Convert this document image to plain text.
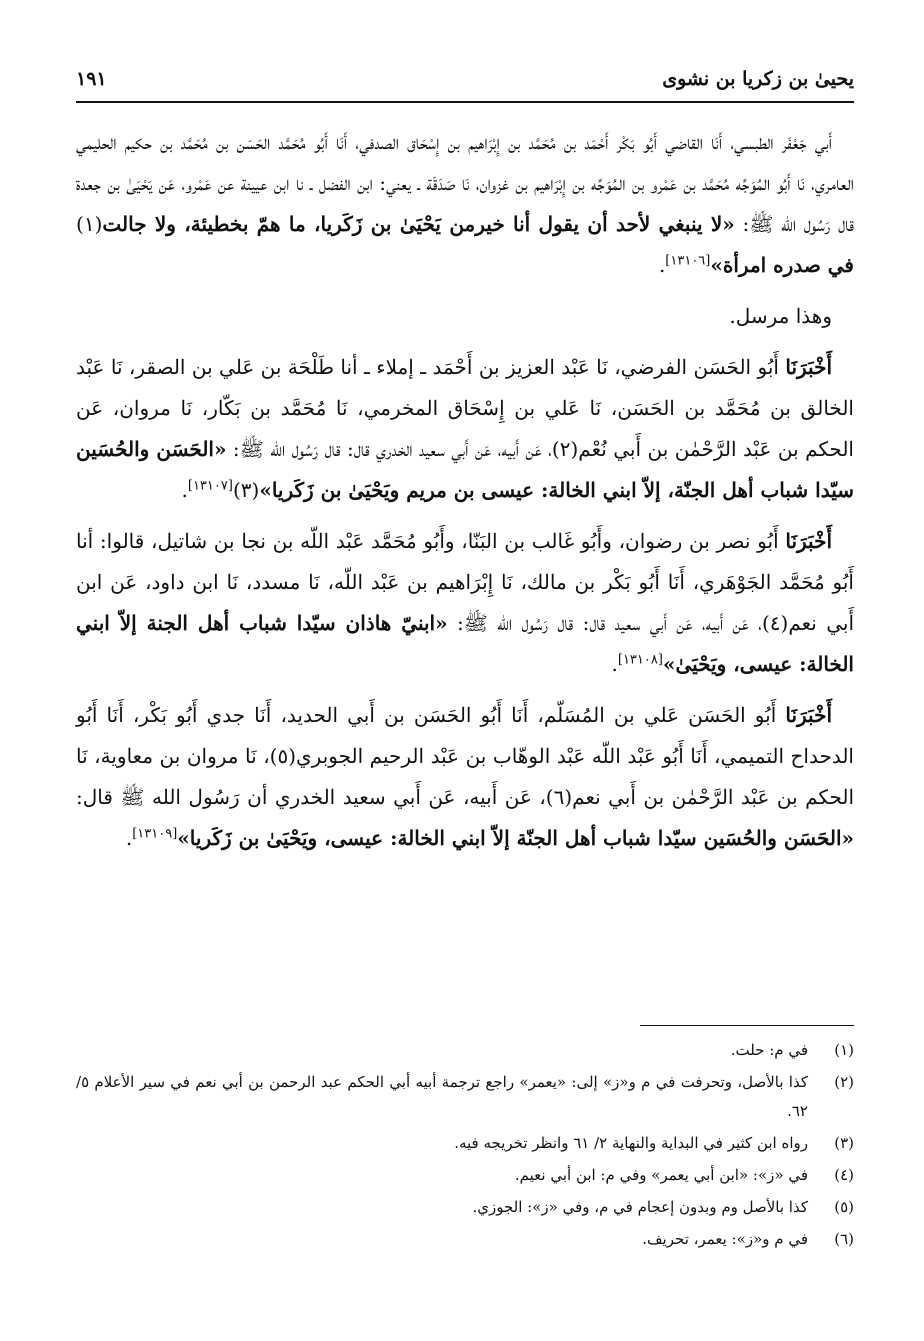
يحيىٰ بن زكريا بن نشوى
١٩١

أَبي جَعْفَر الطبسي، أَنَا القاضي أَبُو بَكْر أَحْمَد بن مُحَمَّد بن إِبْرَاهيم بن إِسْحَاق الصدفي، أَنَا أَبُو مُحَمَّد الحَسَن بن مُحَمَّد بن حكيم الحليمي العامري، نَا أَبُو المُوَجِّه مُحَمَّد بن عَمْرو بن المُوَجِّه بن إِبْرَاهيم بن غزوان، نَا صَدَقَة ـ يعني: ابن الفضل ـ نا ابن عيينة عن عَمْرو، عَن يَحْيَىٰ بن جعدة قال رَسُول الله ﷺ: «لا ينبغي لأحد أن يقول أنا خيرمن يَحْيَىٰ بن زَكَريا، ما همّ بخطيئة، ولا جالت(١) في صدره امرأة»[١٣١٠٦].

وهذا مرسل.

أَخْبَرَنَا أَبُو الحَسَن الفرضي، نَا عَبْد العزيز بن أَحْمَد ـ إملاء ـ أنا طَلْحَة بن عَلي بن الصقر، نَا عَبْد الخالق بن مُحَمَّد بن الحَسَن، نَا عَلي بن إِسْحَاق المخرمي، نَا مُحَمَّد بن بَكّار، نَا مروان، عَن الحكم بن عَبْد الرَّحْمٰن بن أَبي نُعْم(٢)، عَن أَبيه، عَن أَبي سعيد الخدري قال: قال رَسُول الله ﷺ: «الحَسَن والحُسَين سيّدا شباب أهل الجنّة، إلاّ ابني الخالة: عيسى بن مريم ويَحْيَىٰ بن زَكَريا»(٣)[١٣١٠٧].

أَخْبَرَنَا أَبُو نصر بن رضوان، وأَبُو غَالب بن البَنّا، وأَبُو مُحَمَّد عَبْد اللّه بن نجا بن شاتيل، قالوا: أنا أَبُو مُحَمَّد الجَوْهَري، أَنَا أَبُو بَكْر بن مالك، نَا إِبْرَاهيم بن عَبْد اللّه، نَا مسدد، نَا ابن داود، عَن ابن أَبي نعم(٤)، عَن أَبيه، عَن أَبي سعيد قال: قال رَسُول الله ﷺ: «ابنيّ هاذان سيّدا شباب أهل الجنة إلاّ ابني الخالة: عيسى، ويَحْيَىٰ»[١٣١٠٨].

أَخْبَرَنَا أَبُو الحَسَن عَلي بن المُسَلّم، أَنَا أَبُو الحَسَن بن أَبي الحديد، أَنَا جدي أَبُو بَكْر، أَنَا أَبُو الدحداح التميمي، أَنَا أَبُو عَبْد اللّه عَبْد الوهّاب بن عَبْد الرحيم الجوبري(٥)، نَا مروان بن معاوية، نَا الحكم بن عَبْد الرَّحْمٰن بن أَبي نعم(٦)، عَن أَبيه، عَن أَبي سعيد الخدري أن رَسُول الله ﷺ قال: «الحَسَن والحُسَين سيّدا شباب أهل الجنّة إلاّ ابني الخالة: عيسى، ويَحْيَىٰ بن زَكَريا»[١٣١٠٩].

(١)
في م: حلت.
(٢)
كذا بالأصل، وتحرفت في م و«ز» إلى: «يعمر» راجع ترجمة أبيه أبي الحكم عبد الرحمن بن أبي نعم في سير الأعلام ٥/ ٦٢.
(٣)
رواه ابن كثير في البداية والنهاية ٢/ ٦١ وانظر تخريجه فيه.
(٤)
في «ز»: «ابن أبي يعمر» وفي م: ابن أبي نعيم.
(٥)
كذا بالأصل وم وبدون إعجام في م، وفي «ز»: الجوزي.
(٦)
في م و«ز»: يعمر، تحريف.
